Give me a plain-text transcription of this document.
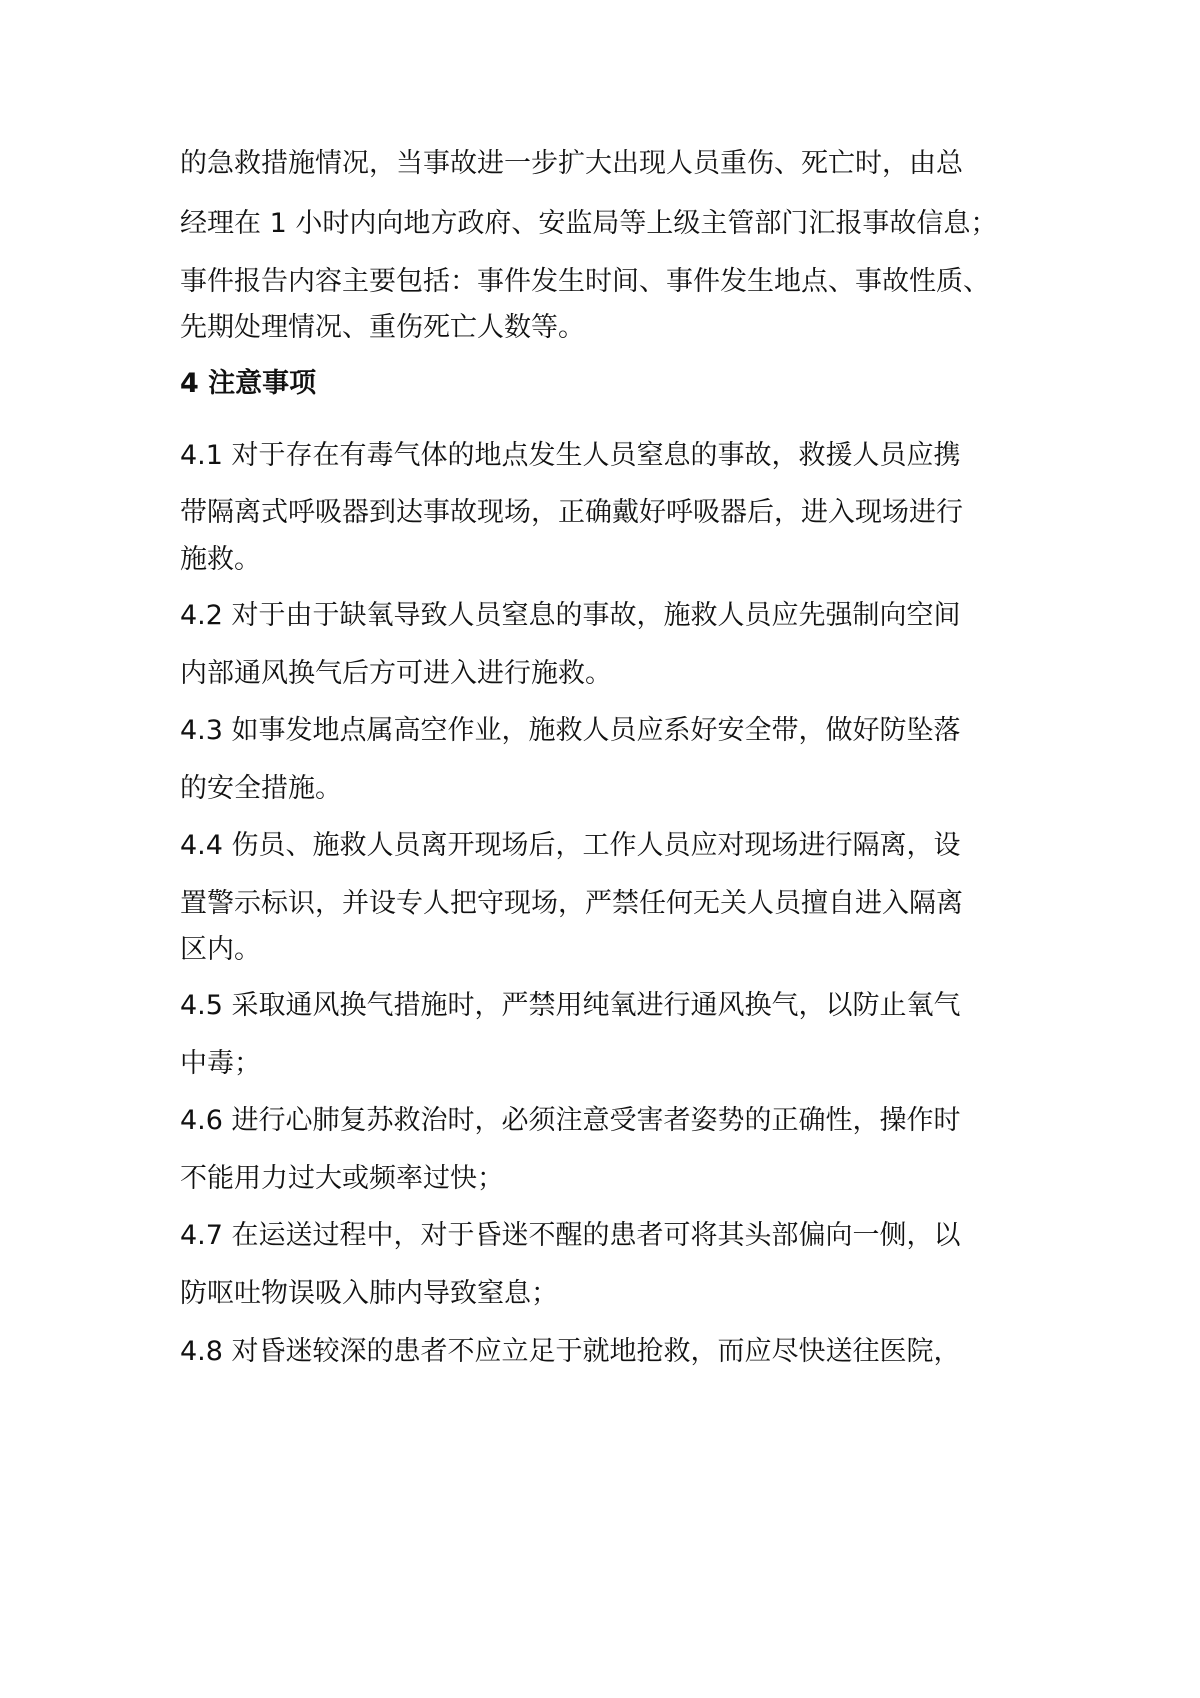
的急救措施情况，当事故进一步扩大出现人员重伤、死亡时，由总

经理在 1 小时内向地方政府、安监局等上级主管部门汇报事故信息；

事件报告内容主要包括：事件发生时间、事件发生地点、事故性质、

先期处理情况、重伤死亡人数等。

4 注意事项

4.1 对于存在有毒气体的地点发生人员窒息的事故，救援人员应携

带隔离式呼吸器到达事故现场，正确戴好呼吸器后，进入现场进行

施救。

4.2 对于由于缺氧导致人员窒息的事故，施救人员应先强制向空间

内部通风换气后方可进入进行施救。

4.3 如事发地点属高空作业，施救人员应系好安全带，做好防坠落

的安全措施。

4.4 伤员、施救人员离开现场后，工作人员应对现场进行隔离，设

置警示标识，并设专人把守现场，严禁任何无关人员擅自进入隔离

区内。

4.5 采取通风换气措施时，严禁用纯氧进行通风换气，以防止氧气

中毒；

4.6 进行心肺复苏救治时，必须注意受害者姿势的正确性，操作时

不能用力过大或频率过快；

4.7 在运送过程中，对于昏迷不醒的患者可将其头部偏向一侧，以

防呕吐物误吸入肺内导致窒息；

4.8 对昏迷较深的患者不应立足于就地抢救，而应尽快送往医院，
